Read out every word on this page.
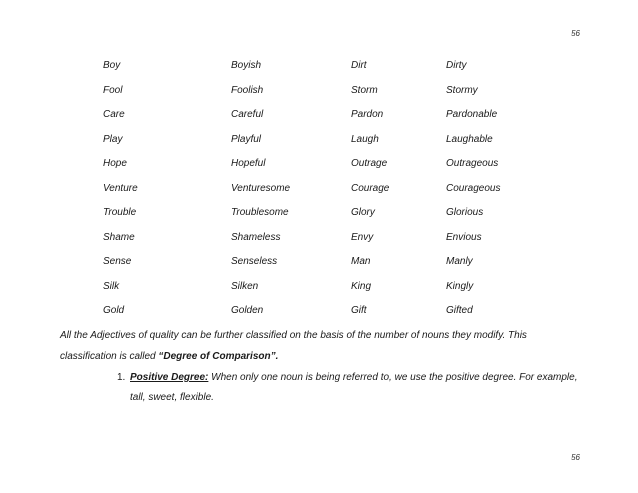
56
Boy	Boyish	Dirt	Dirty
Fool	Foolish	Storm	Stormy
Care	Careful	Pardon	Pardonable
Play	Playful	Laugh	Laughable
Hope	Hopeful	Outrage	Outrageous
Venture	Venturesome	Courage	Courageous
Trouble	Troublesome	Glory	Glorious
Shame	Shameless	Envy	Envious
Sense	Senseless	Man	Manly
Silk	Silken	King	Kingly
Gold	Golden	Gift	Gifted
All the Adjectives of quality can be further classified on the basis of the number of nouns they modify. This
classification is called “Degree of Comparison”.
1. Positive Degree: When only one noun is being referred to, we use the positive degree. For example, tall, sweet, flexible.
56
